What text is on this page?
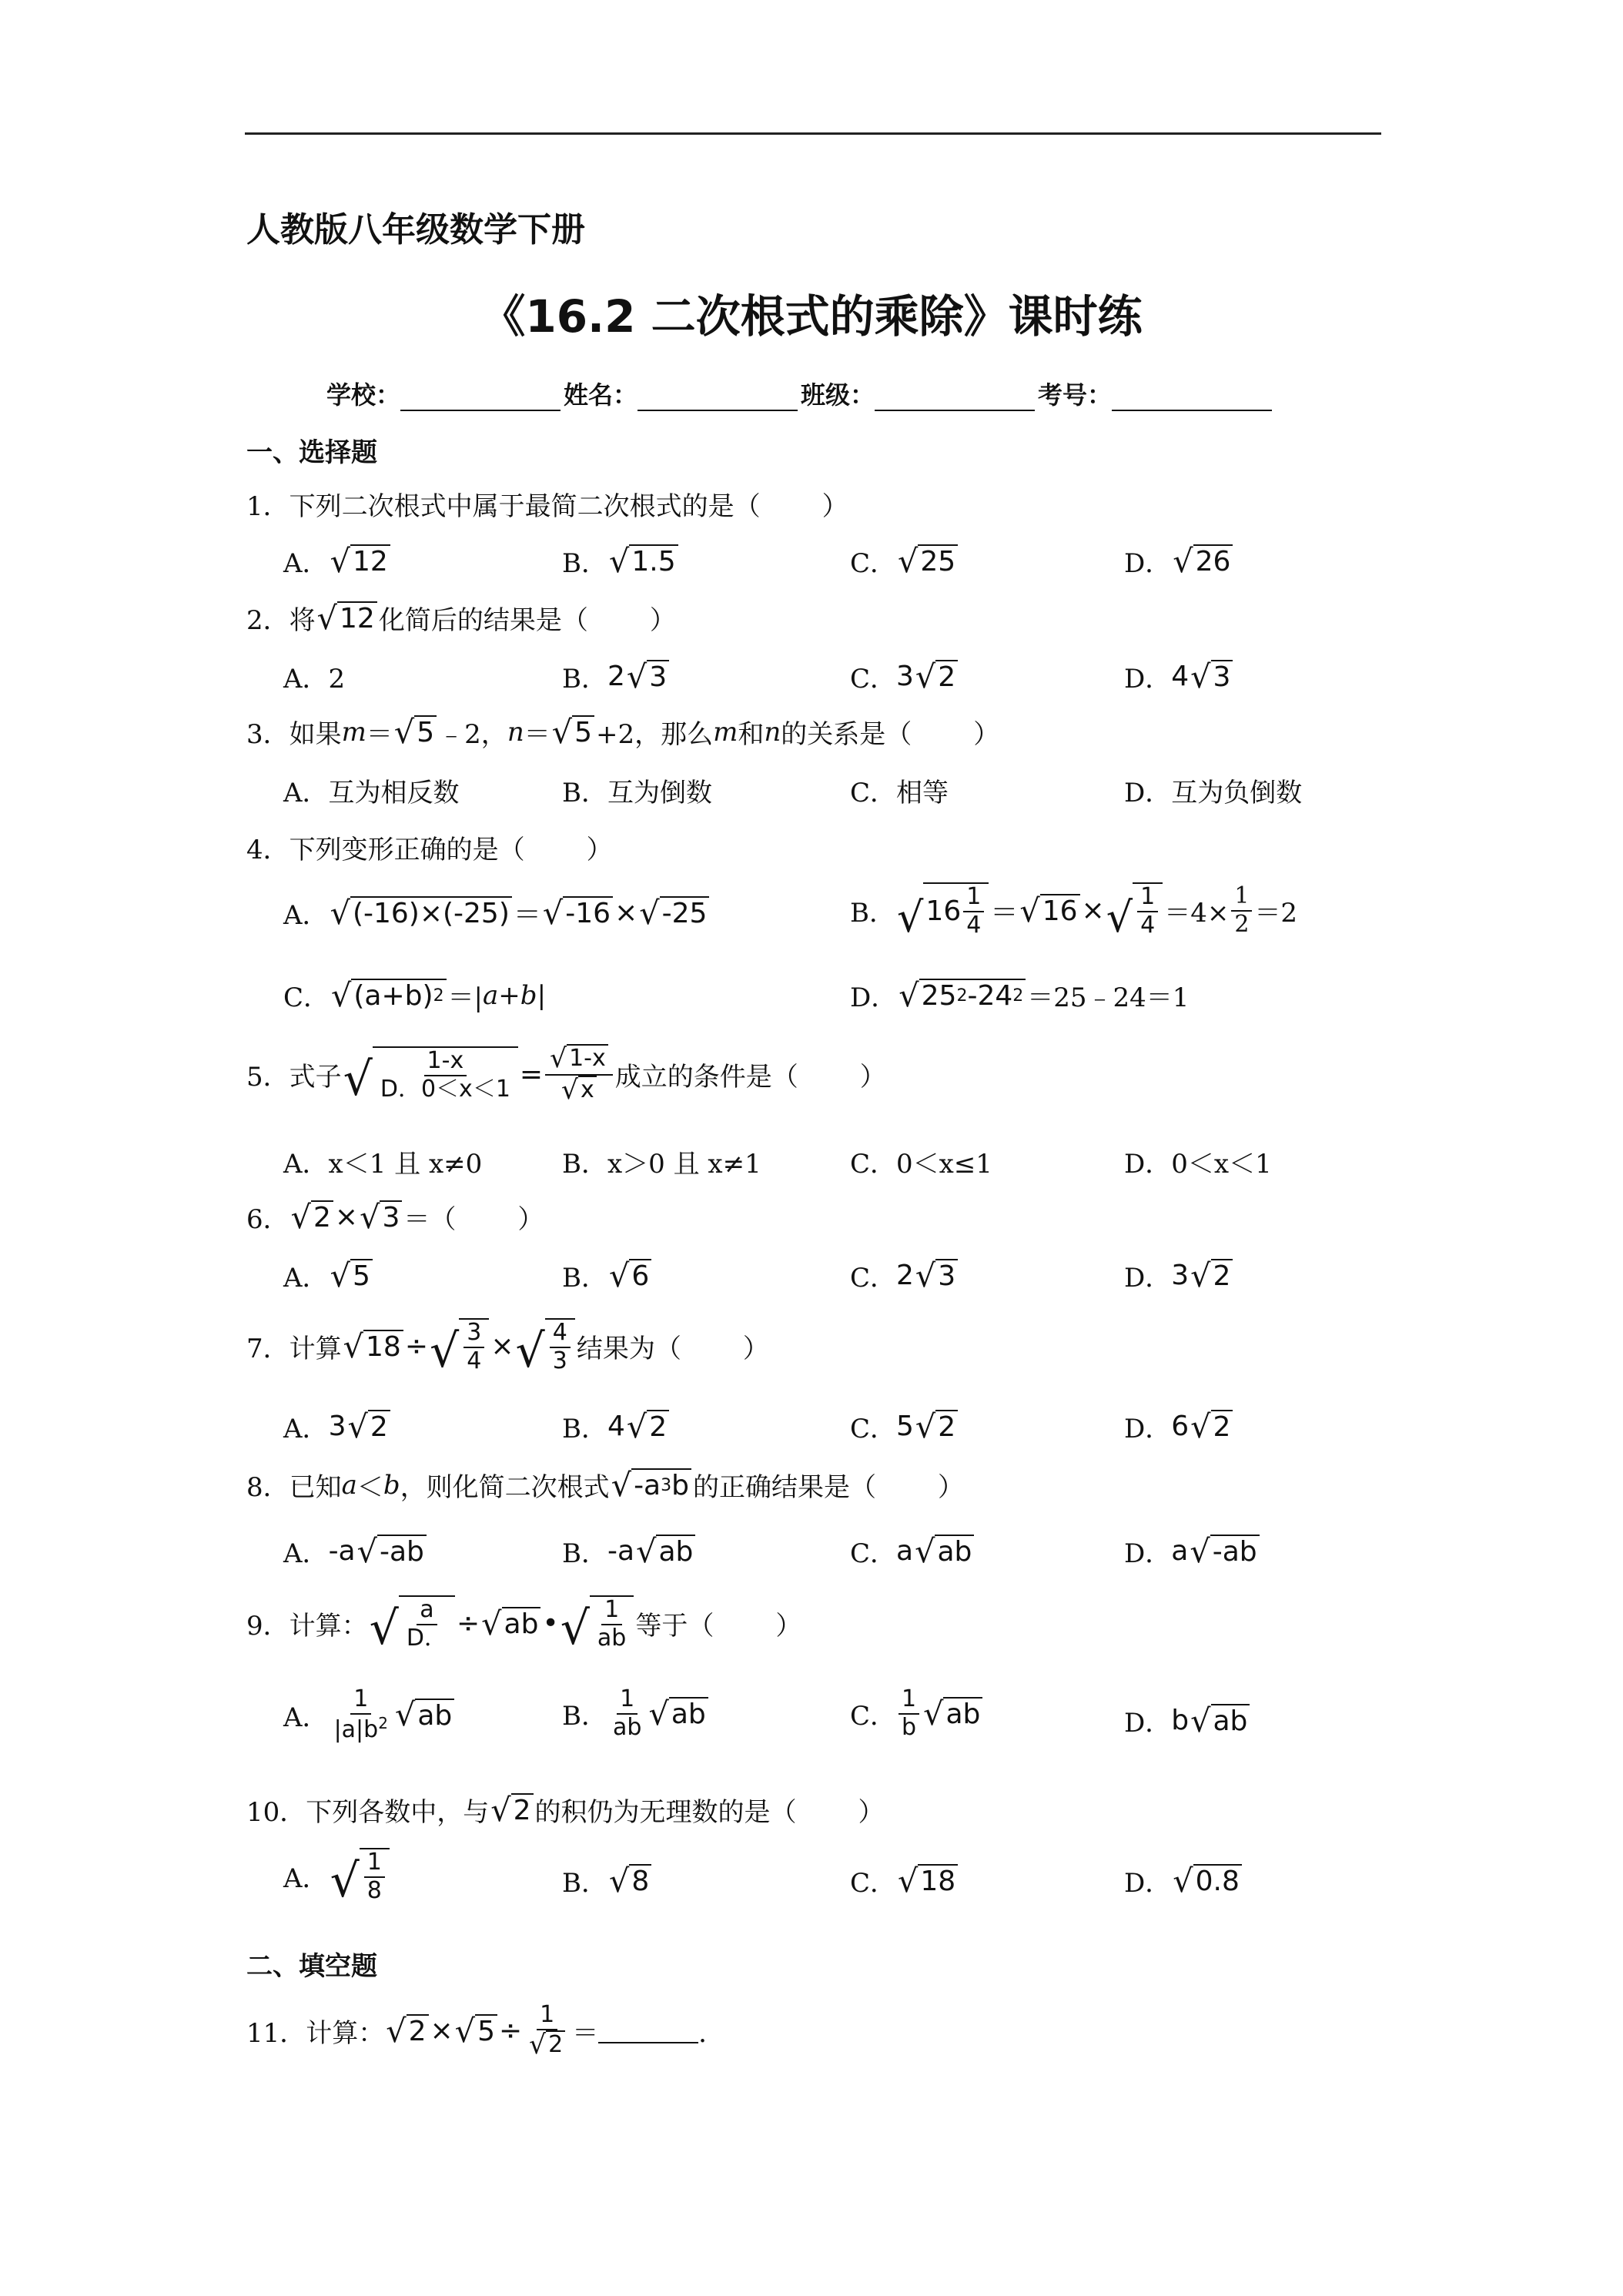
人教版八年级数学下册
《16.2 二次根式的乘除》课时练
学校：	姓名：	班级：	考号：
一、选择题
1．下列二次根式中属于最简二次根式的是（ ）
A． √ 12	B． √ 1.5	C． √ 25	D． √ 26
2．将 √ 12 化简后的结果是（ ）
A．2	B． 2 √ 3	C． 3 √ 2	D． 4 √ 3
3．如果 m ＝ √ 5 ﹣2， n ＝ √ 5 +2，那么 m 和 n 的关系是（ ）
A．互为相反数	B．互为倒数	C．相等	D．互为负倒数
4．下列变形正确的是（ ）
A． √ (-16)×(-25) ＝ √ -16 × √ -25	B． √ $16 \frac{1}{4}$ ＝ √ 16 × √ $\frac{1}{4} =4\times \frac{1}{2} =2$
C． √ (a+b) 2 ＝| a+b |	D． √ 25 2 -24 2 ＝25﹣24＝1
5．式子 √ $\frac{1-x}{D.0<x<1} = \frac{√ 1-x}{√ x}$ 成立的条件是（ ）
A．x＜1 且 x≠0	B．x＞0 且 x≠1	C．0＜x≤1	D．0＜x＜1
6． √ 2 × √ 3 ＝（ ）
A． √ 5	B． √ 6	C． 2 √ 3	D． 3 √ 2
7．计算 √ 18 ÷ √ $\frac{3}{4}$ × √ $\frac{4}{3}$ 结果为（ ）
A． 3 √ 2	B． 4 √ 2	C． 5 √ 2	D． 6 √ 2
8．已知 a ＜ b ，则化简二次根式 √ -a 3 b 的正确结果是（ ）
A． -a √ -ab	B． -a √ ab	C． a √ ab	D． a √ -ab
9．计算： √ $\frac{a}{D.}$ ÷ √ ab • √ $\frac{1}{ab}$ 等于（ ）
A． $\frac{1}{|a|b^2}$ √ ab	B． $\frac{1}{ab}$ √ ab	C． $\frac{1}{b}$ √ ab	D． b √ ab
10．下列各数中，与 √ 2 的积仍为无理数的是（ ）
A． √ $\frac{1}{8}$	B． √ 8	C． √ 18	D． √ 0.8
二、填空题
11．计算： √ 2 × √ $5 \div \frac{1}{√ 2}$ ＝	．
